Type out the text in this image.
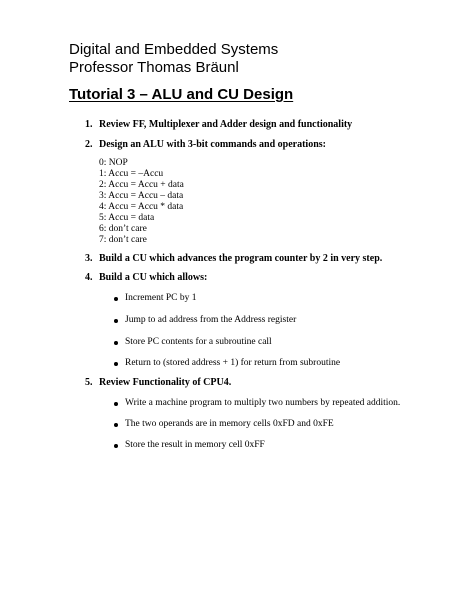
Digital and Embedded Systems
Professor Thomas Bräunl
Tutorial 3 – ALU and CU Design
1. Review FF, Multiplexer and Adder design and functionality
2. Design an ALU with 3-bit commands and operations:
0: NOP
1: Accu = –Accu
2: Accu = Accu + data
3: Accu = Accu – data
4: Accu = Accu * data
5: Accu = data
6: don’t care
7: don’t care
3. Build a CU which advances the program counter by 2 in very step.
4. Build a CU which allows:
Increment PC by 1
Jump to ad address from the Address register
Store PC contents for a subroutine call
Return to (stored address + 1) for return from subroutine
5. Review Functionality of CPU4.
Write a machine program to multiply two numbers by repeated addition.
The two operands are in memory cells 0xFD and 0xFE
Store the result in memory cell 0xFF
